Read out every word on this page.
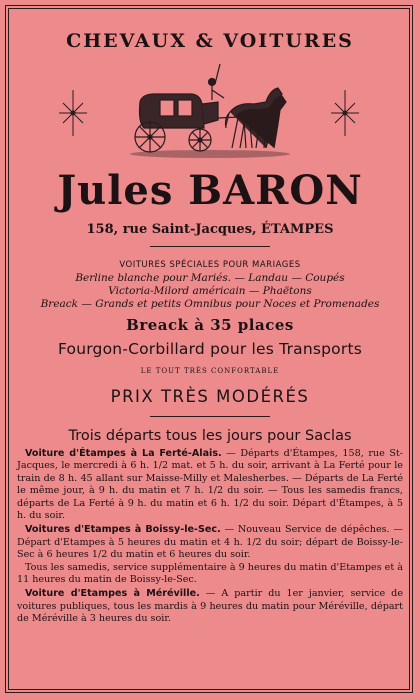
CHEVAUX & VOITURES
Jules BARON
158, rue Saint-Jacques, ÉTAMPES
VOITURES SPÉCIALES POUR MARIAGES
Berline blanche pour Mariés. — Landau — Coupés
Victoria-Milord américain — Phaëtons
Breack — Grands et petits Omnibus pour Noces et Promenades
Breack à 35 places
Fourgon-Corbillard pour les Transports
LE TOUT TRÈS CONFORTABLE
PRIX TRÈS MODÉRÉS
Trois départs tous les jours pour Saclas

Voiture d'Étampes à La Ferté-Alais. — Départs d'Étampes, 158, rue St-Jacques, le mercredi à 6 h. 1/2 mat. et 5 h. du soir, arrivant à La Ferté pour le train de 8 h. 45 allant sur Maisse-Milly et Malesherbes. — Départs de La Ferté le même jour, à 9 h. du matin et 7 h. 1/2 du soir. — Tous les samedis francs, départs de La Ferté à 9 h. du matin et 6 h. 1/2 du soir. Départ d'Étampes, à 5 h. du soir.

Voitures d'Etampes à Boissy-le-Sec. — Nouveau Service de dépêches. — Départ d'Etampes à 5 heures du matin et 4 h. 1/2 du soir; départ de Boissy-le-Sec à 6 heures 1/2 du matin et 6 heures du soir.

Tous les samedis, service supplémentaire à 9 heures du matin d'Etampes et à 11 heures du matin de Boissy-le-Sec.

Voiture d'Etampes à Méréville. — A partir du 1er janvier, service de voitures publiques, tous les mardis à 9 heures du matin pour Méréville, départ de Méréville à 3 heures du soir.
